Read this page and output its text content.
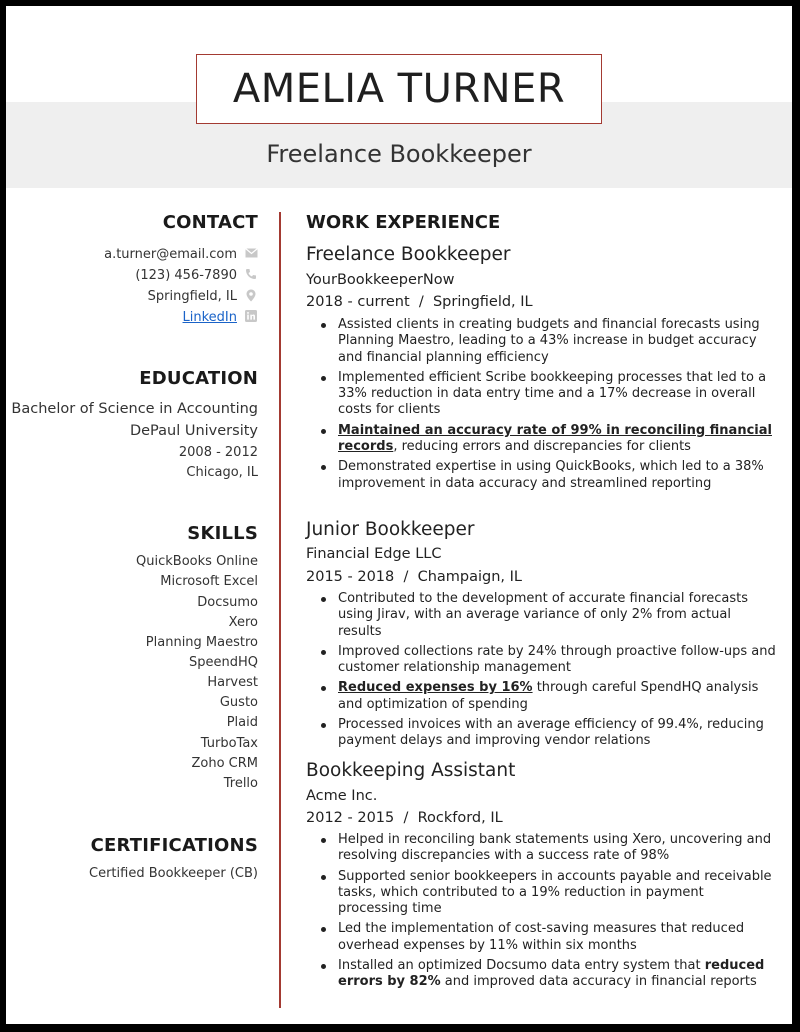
AMELIA TURNER
Freelance Bookkeeper
CONTACT
a.turner@email.com
(123) 456-7890
Springfield, IL
LinkedIn
EDUCATION
Bachelor of Science in Accounting
DePaul University
2008 - 2012
Chicago, IL
SKILLS
QuickBooks Online
Microsoft Excel
Docsumo
Xero
Planning Maestro
SpeendHQ
Harvest
Gusto
Plaid
TurboTax
Zoho CRM
Trello
CERTIFICATIONS
Certified Bookkeeper (CB)
WORK EXPERIENCE
Freelance Bookkeeper
YourBookkeeperNow
2018 - current  /  Springfield, IL
Assisted clients in creating budgets and financial forecasts using Planning Maestro, leading to a 43% increase in budget accuracy and financial planning efficiency
Implemented efficient Scribe bookkeeping processes that led to a 33% reduction in data entry time and a 17% decrease in overall costs for clients
Maintained an accuracy rate of 99% in reconciling financial records, reducing errors and discrepancies for clients
Demonstrated expertise in using QuickBooks, which led to a 38% improvement in data accuracy and streamlined reporting
Junior Bookkeeper
Financial Edge LLC
2015 - 2018  /  Champaign, IL
Contributed to the development of accurate financial forecasts using Jirav, with an average variance of only 2% from actual results
Improved collections rate by 24% through proactive follow-ups and customer relationship management
Reduced expenses by 16% through careful SpendHQ analysis and optimization of spending
Processed invoices with an average efficiency of 99.4%, reducing payment delays and improving vendor relations
Bookkeeping Assistant
Acme Inc.
2012 - 2015  /  Rockford, IL
Helped in reconciling bank statements using Xero, uncovering and resolving discrepancies with a success rate of 98%
Supported senior bookkeepers in accounts payable and receivable tasks, which contributed to a 19% reduction in payment processing time
Led the implementation of cost-saving measures that reduced overhead expenses by 11% within six months
Installed an optimized Docsumo data entry system that reduced errors by 82% and improved data accuracy in financial reports
